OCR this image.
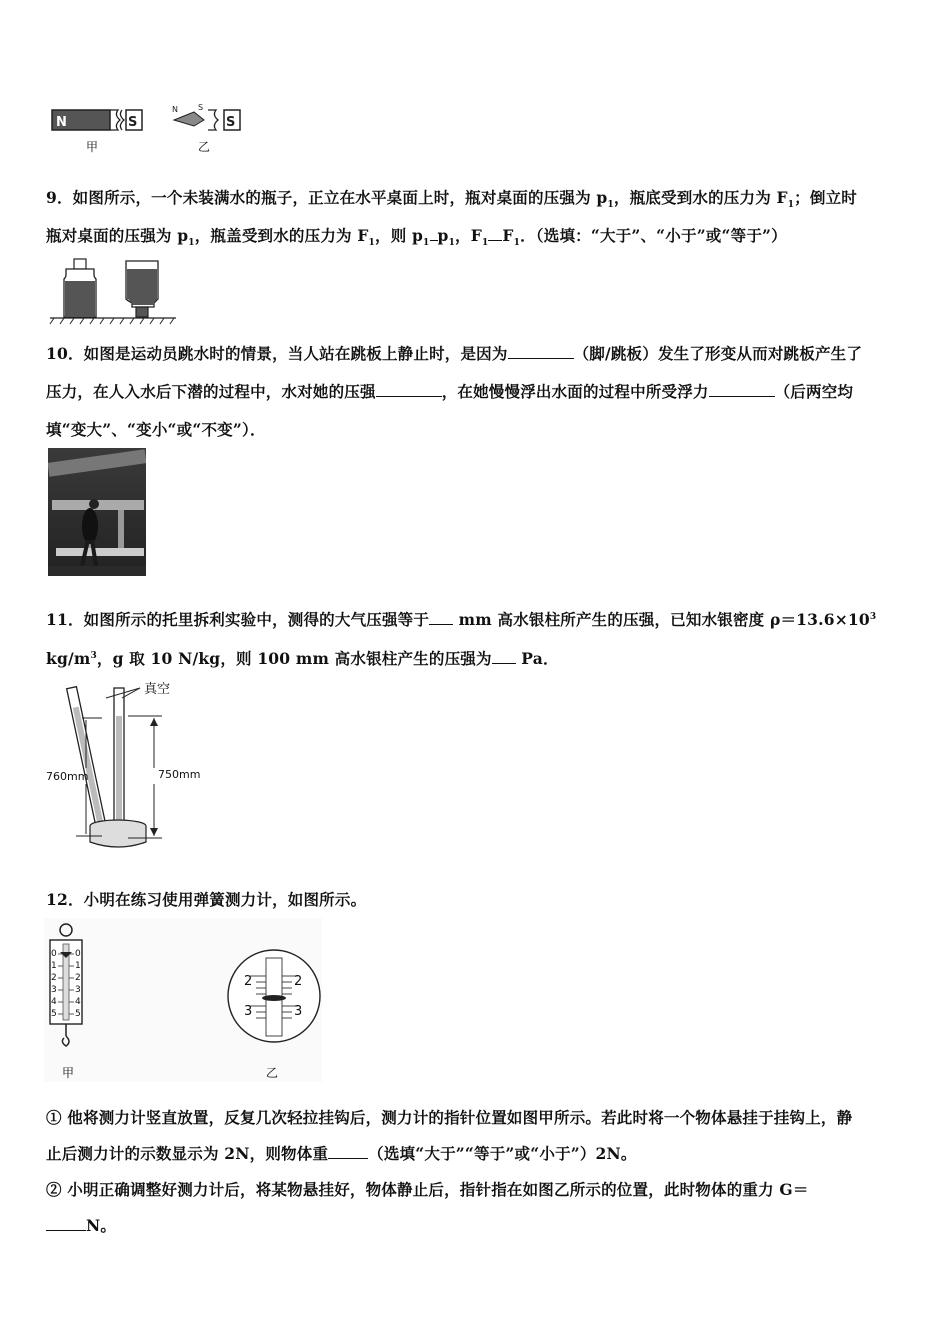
N	S
N	S
S
甲	乙
9．如图所示，一个未装满水的瓶子，正立在水平桌面上时，瓶对桌面的压强为 $p_1$，瓶底受到水的压力为 $F_1$；倒立时
瓶对桌面的压强为 $p_1$，瓶盖受到水的压力为 $F_1$，则 $p_1$ $p_1$，$F_1$ $F_1$．（选填：“大于”、“小于”或“等于”）
10．如图是运动员跳水时的情景，当人站在跳板上静止时，是因为	（脚/跳板）发生了形变从而对跳板产生了
压力，在人入水后下潜的过程中，水对她的压强	，在她慢慢浮出水面的过程中所受浮力	（后两空均
填“变大”、“变小“或“不变”）．
11．如图所示的托里拆利实验中，测得的大气压强等于 mm 高水银柱所产生的压强，已知水银密度 $\rho=13.6\times 10^3$
$kg/m^3$，g 取 10 N/kg，则 100 mm 高水银柱产生的压强为 Pa．
真空
760mm	750mm
12．小明在练习使用弹簧测力计，如图所示。
0
1
2
3
4
5
0
1
2
3
4
5
2
3
2
3
甲	乙
① 他将测力计竖直放置，反复几次轻拉挂钩后，测力计的指针位置如图甲所示。若此时将一个物体悬挂于挂钩上，静
止后测力计的示数显示为 2N，则物体重	（选填“大于”“等于”或“小于”）2N。
② 小明正确调整好测力计后，将某物悬挂好，物体静止后，指针指在如图乙所示的位置，此时物体的重力 G＝
N。
